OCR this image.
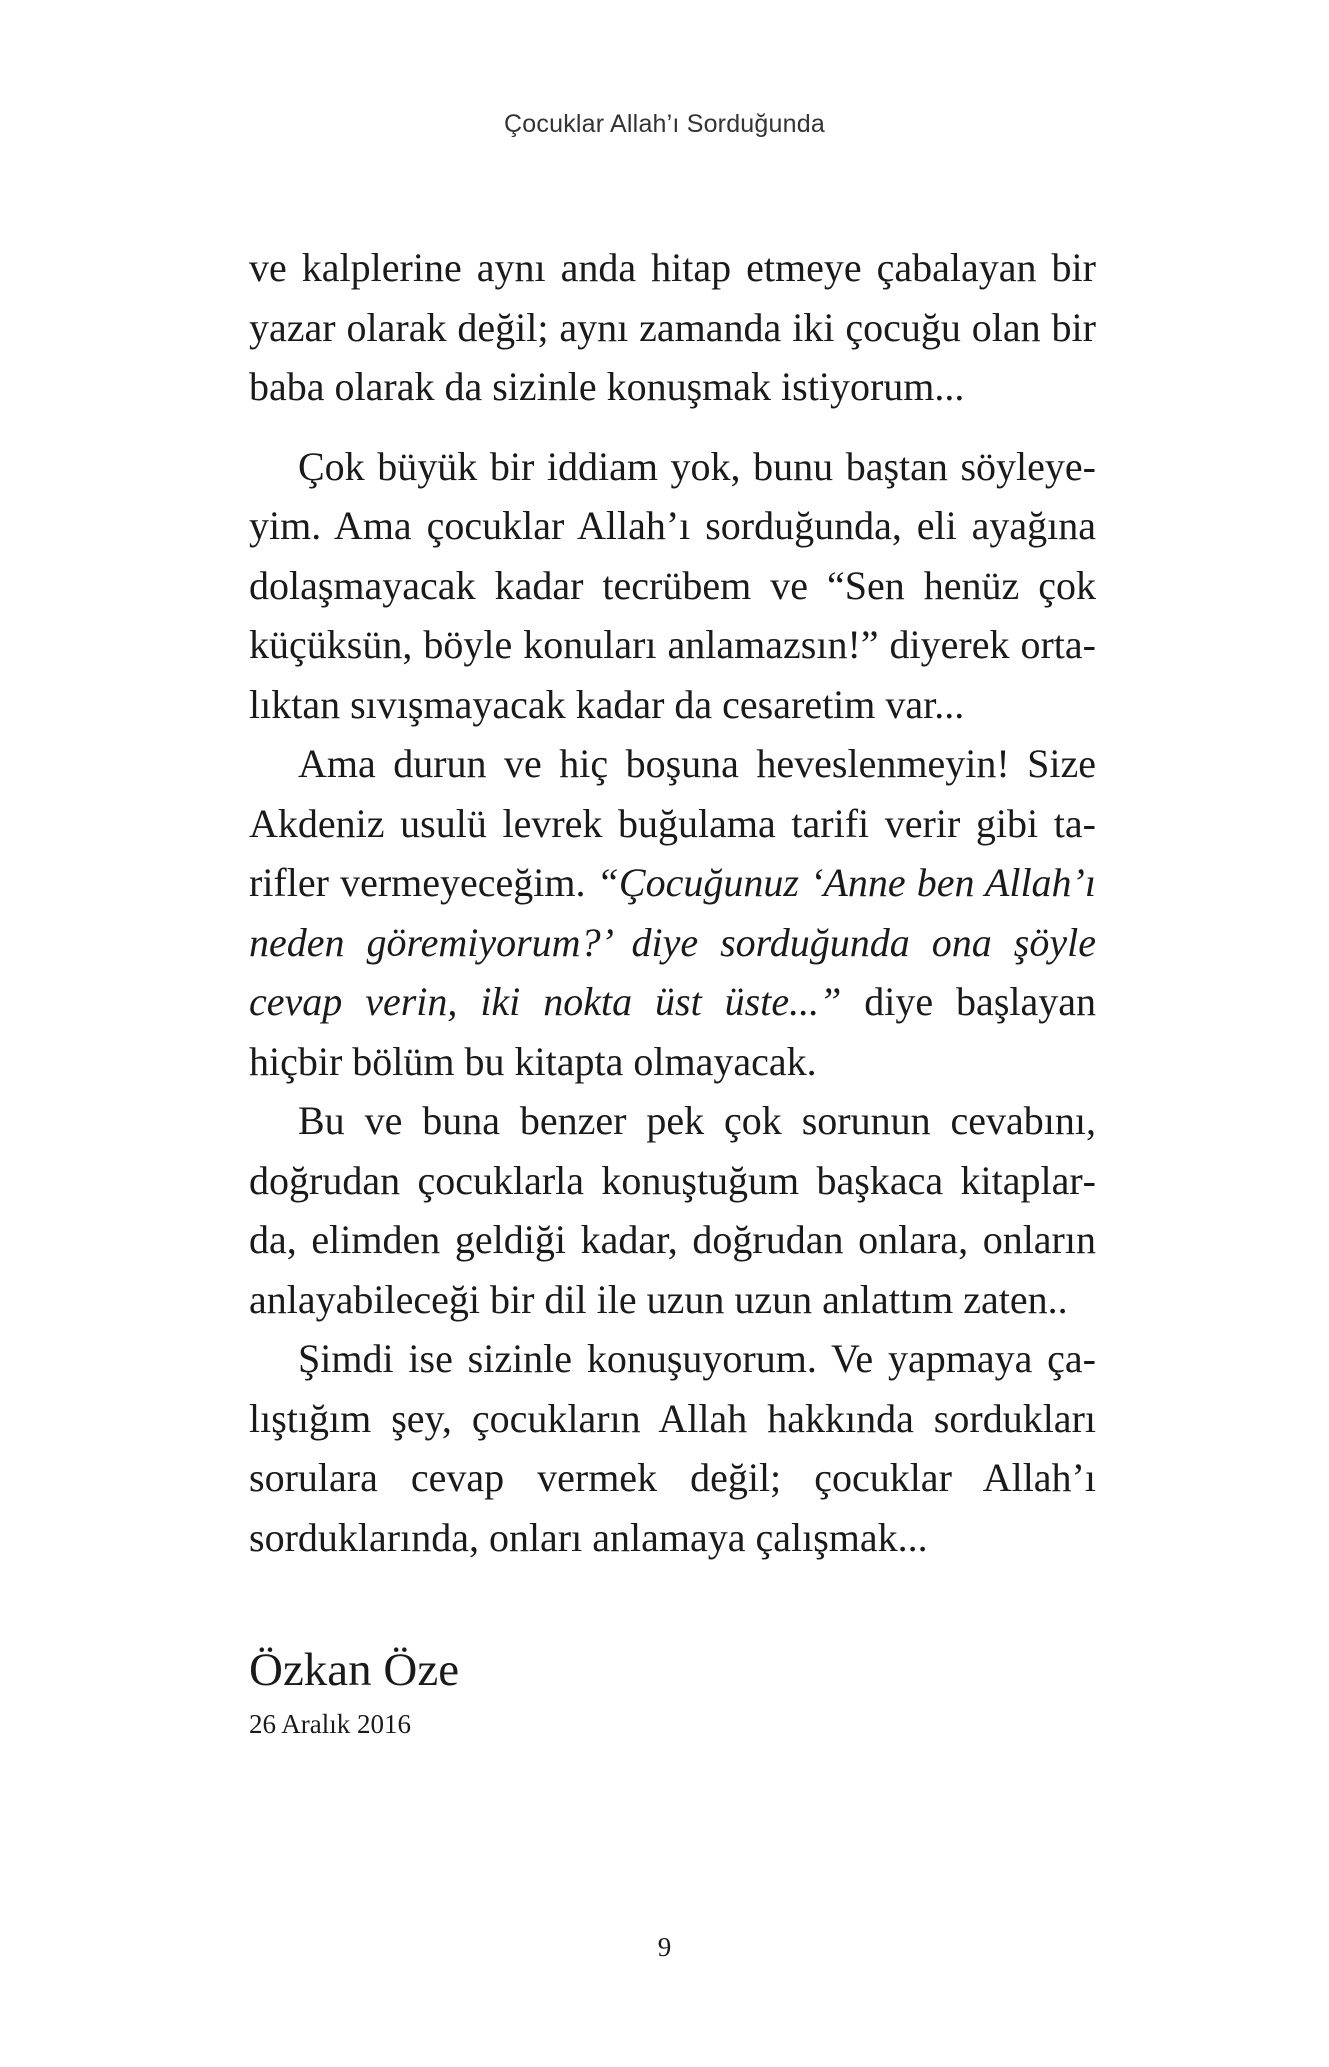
Çocuklar Allah’ı Sorduğunda

ve kalplerine aynı anda hitap etmeye çabalayan bir yazar olarak değil; aynı zamanda iki çocuğu olan bir baba olarak da sizinle konuşmak istiyorum...

Çok büyük bir iddiam yok, bunu baştan söyleyeyim. Ama çocuklar Allah’ı sorduğunda, eli ayağına dolaşmayacak kadar tecrübem ve “Sen henüz çok küçüksün, böyle konuları anlamazsın!” diyerek ortalıktan sıvışmayacak kadar da cesaretim var...

Ama durun ve hiç boşuna heveslenmeyin! Size Akdeniz usulü levrek buğulama tarifi verir gibi tarifler vermeyeceğim. “Çocuğunuz ‘Anne ben Allah’ı neden göremiyorum?’ diye sorduğunda ona şöyle cevap verin, iki nokta üst üste...” diye başlayan hiçbir bölüm bu kitapta olmayacak.

Bu ve buna benzer pek çok sorunun cevabını, doğrudan çocuklarla konuştuğum başkaca kitaplarda, elimden geldiği kadar, doğrudan onlara, onların anlayabileceği bir dil ile uzun uzun anlattım zaten..

Şimdi ise sizinle konuşuyorum. Ve yapmaya çalıştığım şey, çocukların Allah hakkında sordukları sorulara cevap vermek değil; çocuklar Allah’ı sorduklarında, onları anlamaya çalışmak...

Özkan Öze
26 Aralık 2016
9
